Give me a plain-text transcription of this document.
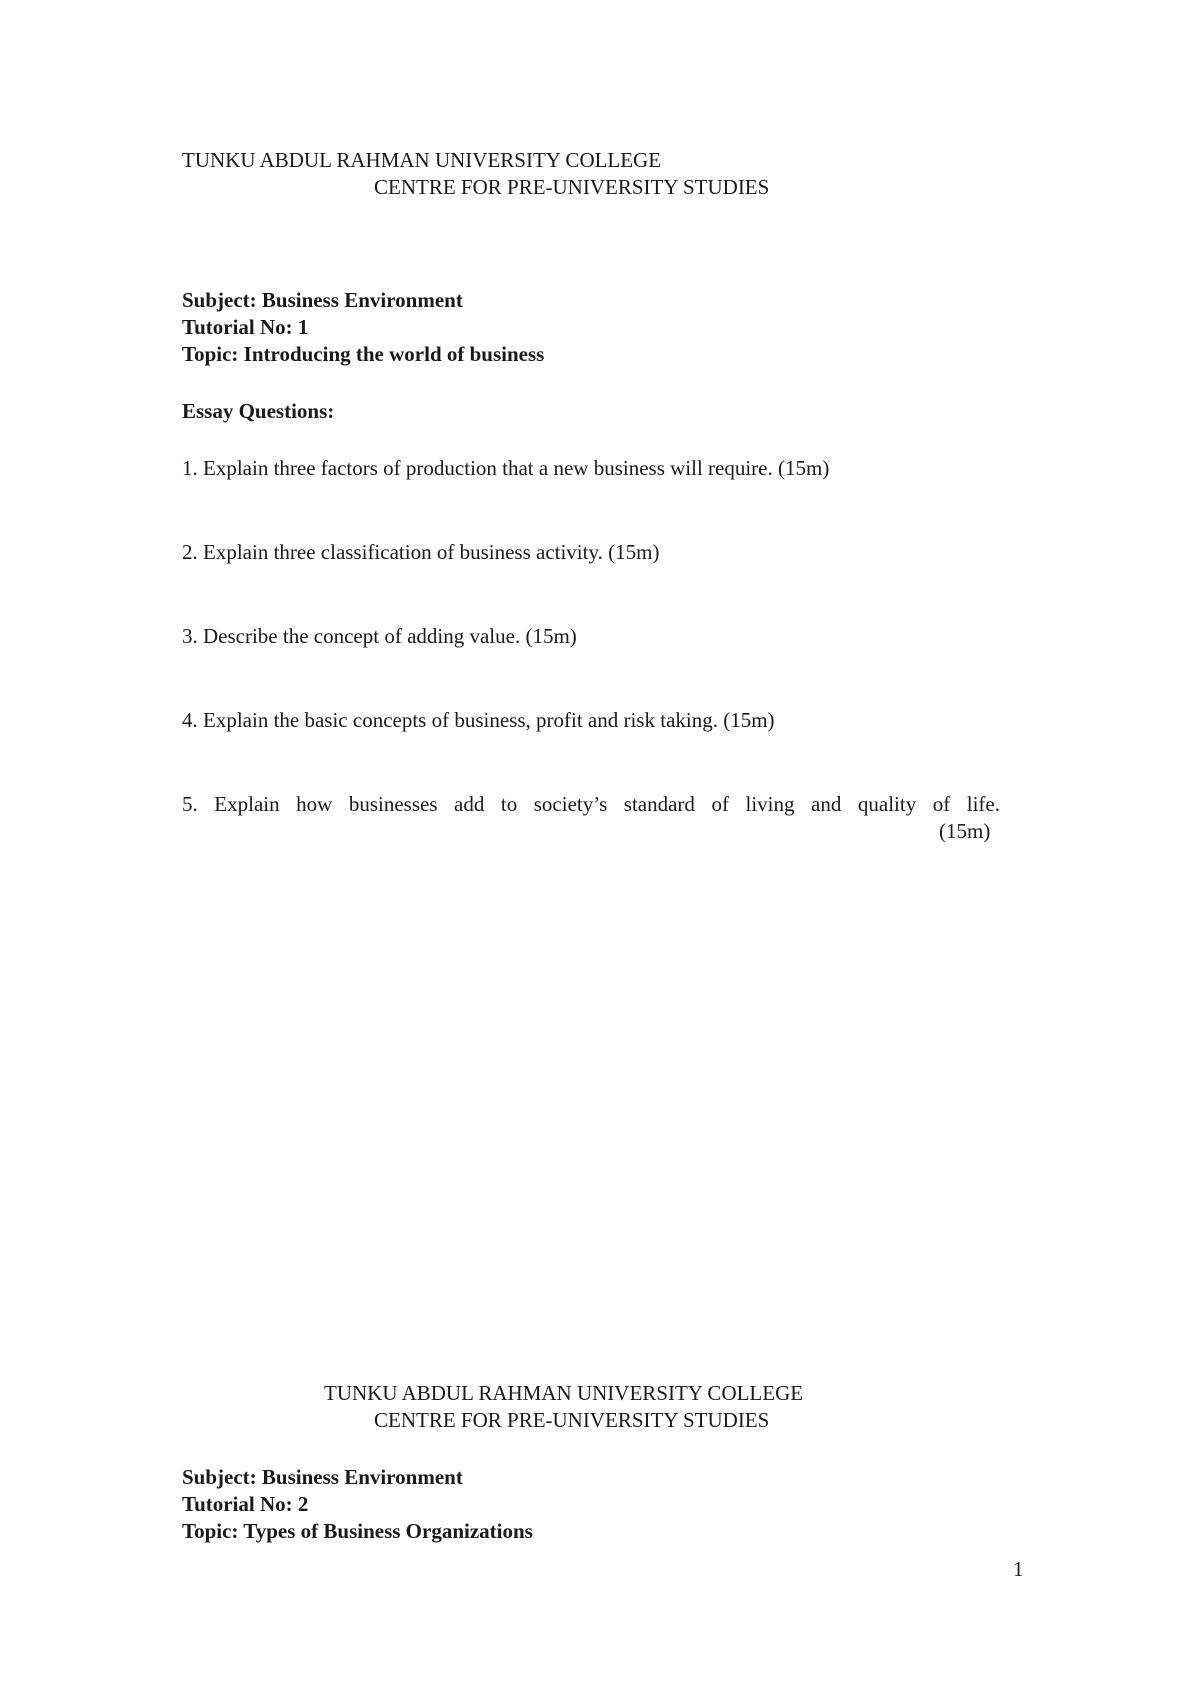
TUNKU ABDUL RAHMAN UNIVERSITY COLLEGE
CENTRE FOR PRE-UNIVERSITY STUDIES
Subject: Business Environment
Tutorial No: 1
Topic: Introducing the world of business
Essay Questions:
1. Explain three factors of production that a new business will require. (15m)
2. Explain three classification of business activity. (15m)
3. Describe the concept of adding value. (15m)
4. Explain the basic concepts of business, profit and risk taking. (15m)
5. Explain how businesses add to society’s standard of living and quality of life.
(15m)
TUNKU ABDUL RAHMAN UNIVERSITY COLLEGE
CENTRE FOR PRE-UNIVERSITY STUDIES
Subject: Business Environment
Tutorial No: 2
Topic: Types of Business Organizations
1
